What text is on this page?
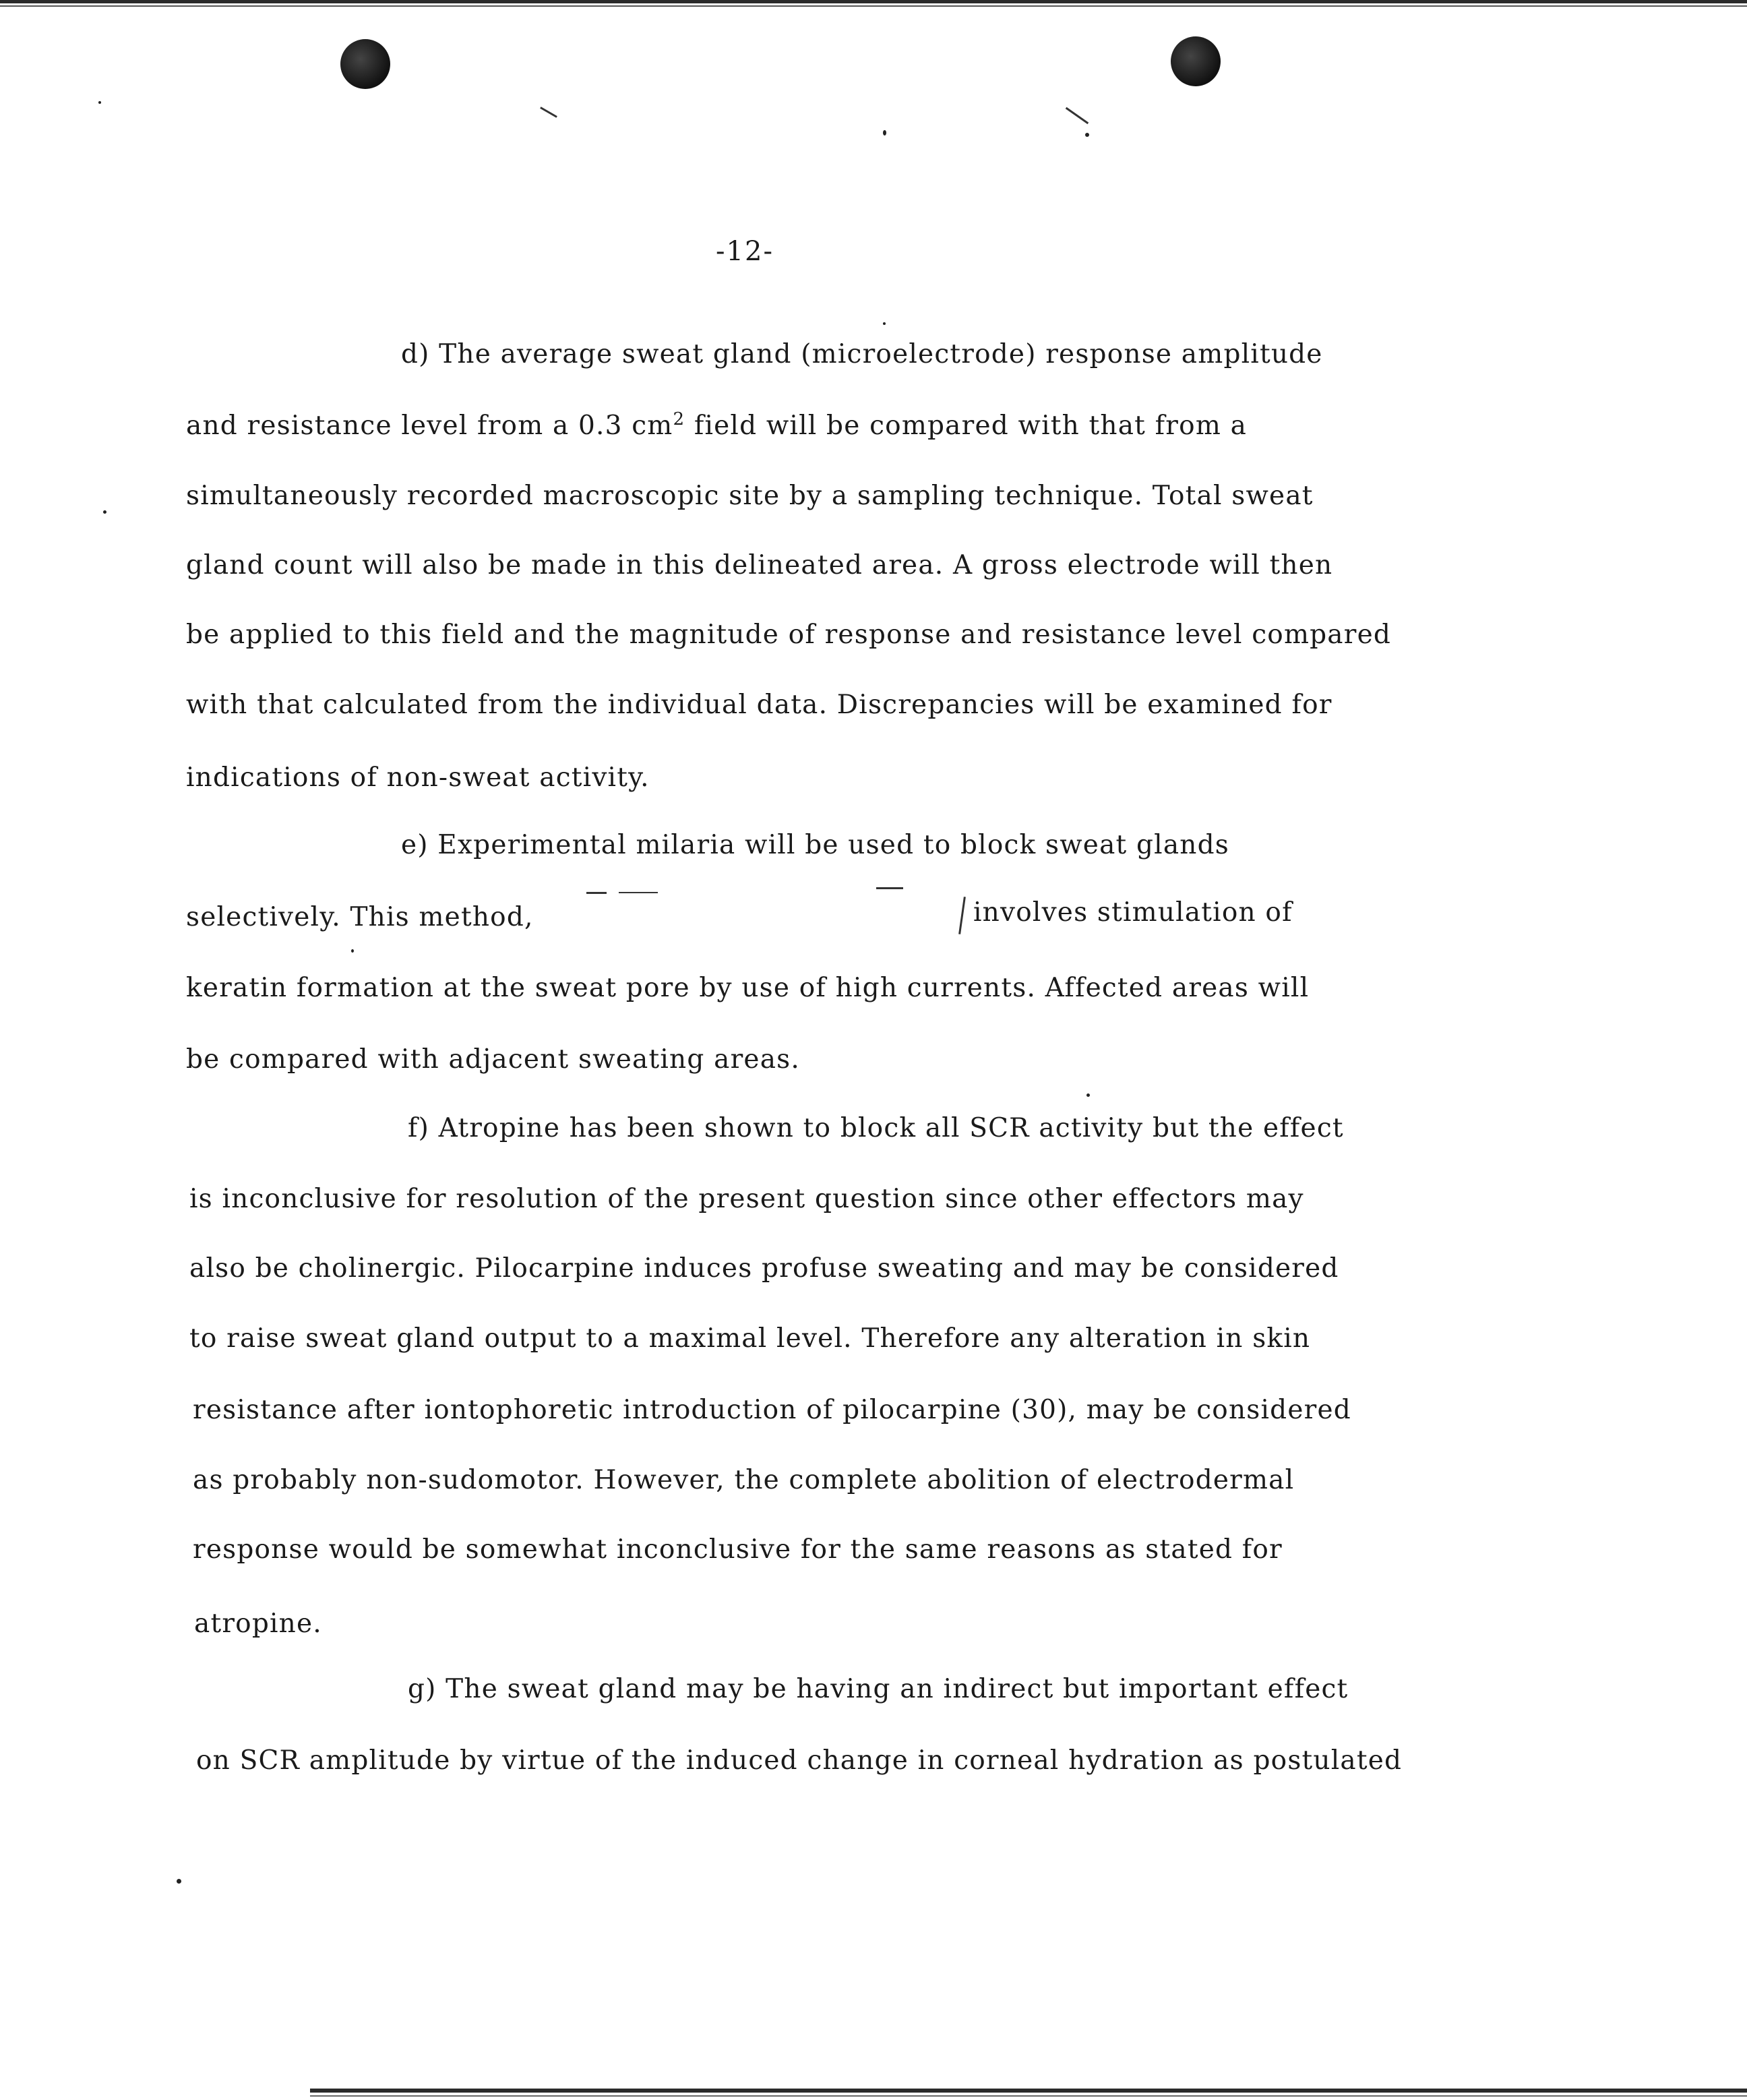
-12-
d) The average sweat gland (microelectrode) response amplitude
and resistance level from a 0.3 $cm^2$ field will be compared with that from a
simultaneously recorded macroscopic site by a sampling technique. Total sweat
gland count will also be made in this delineated area. A gross electrode will then
be applied to this field and the magnitude of response and resistance level compared
with that calculated from the individual data. Discrepancies will be examined for
indications of non-sweat activity.
e) Experimental milaria will be used to block sweat glands
selectively. This method,	involves stimulation of
keratin formation at the sweat pore by use of high currents. Affected areas will
be compared with adjacent sweating areas.
f) Atropine has been shown to block all SCR activity but the effect
is inconclusive for resolution of the present question since other effectors may
also be cholinergic. Pilocarpine induces profuse sweating and may be considered
to raise sweat gland output to a maximal level. Therefore any alteration in skin
resistance after iontophoretic introduction of pilocarpine (30), may be considered
as probably non-sudomotor. However, the complete abolition of electrodermal
response would be somewhat inconclusive for the same reasons as stated for
atropine.
g) The sweat gland may be having an indirect but important effect
on SCR amplitude by virtue of the induced change in corneal hydration as postulated
